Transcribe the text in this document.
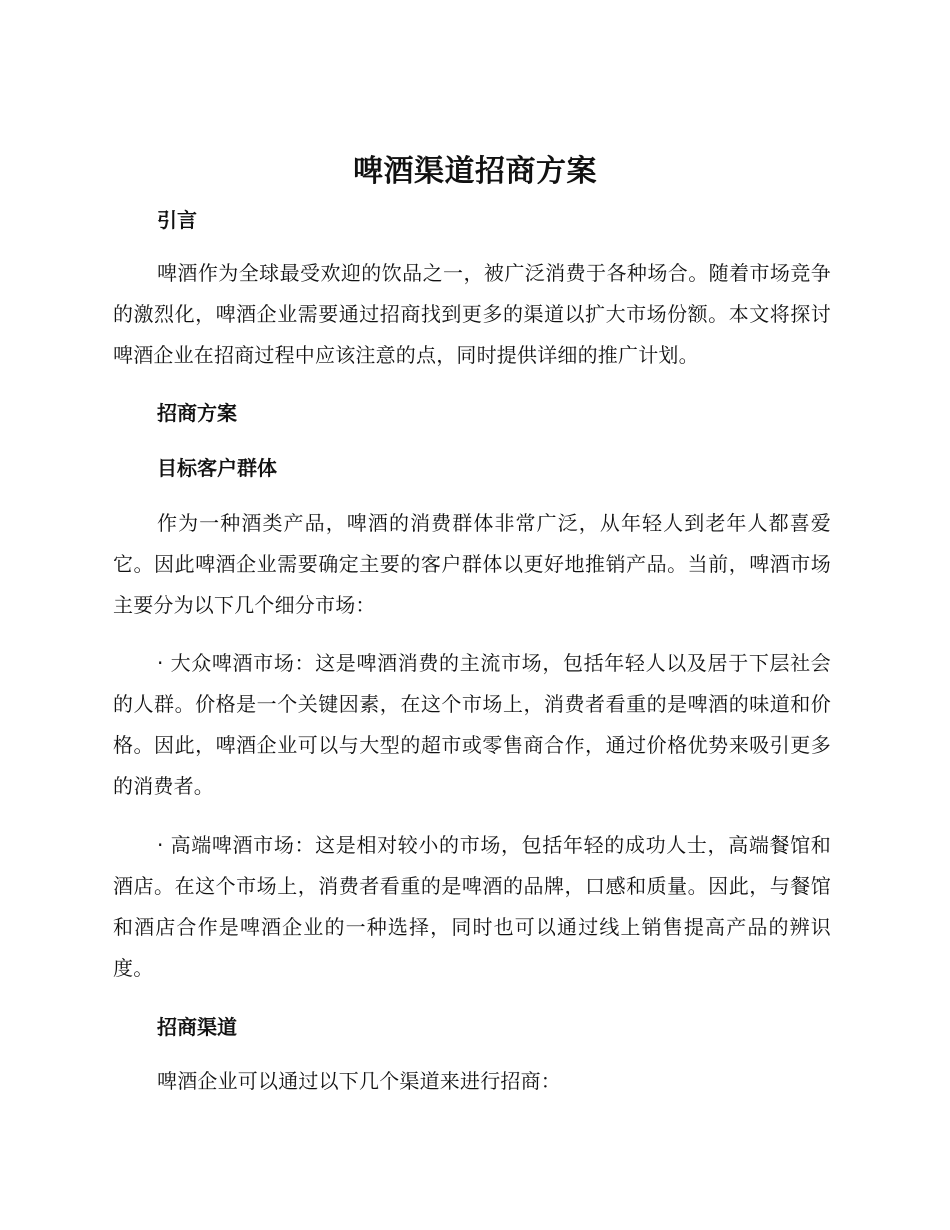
啤酒渠道招商方案
引言

啤酒作为全球最受欢迎的饮品之一，被广泛消费于各种场合。随着市场竞争的激烈化，啤酒企业需要通过招商找到更多的渠道以扩大市场份额。本文将探讨啤酒企业在招商过程中应该注意的点，同时提供详细的推广计划。

招商方案
目标客户群体

作为一种酒类产品，啤酒的消费群体非常广泛，从年轻人到老年人都喜爱它。因此啤酒企业需要确定主要的客户群体以更好地推销产品。当前，啤酒市场主要分为以下几个细分市场：

· 大众啤酒市场：这是啤酒消费的主流市场，包括年轻人以及居于下层社会的人群。价格是一个关键因素，在这个市场上，消费者看重的是啤酒的味道和价格。因此，啤酒企业可以与大型的超市或零售商合作，通过价格优势来吸引更多的消费者。

· 高端啤酒市场：这是相对较小的市场，包括年轻的成功人士，高端餐馆和酒店。在这个市场上，消费者看重的是啤酒的品牌，口感和质量。因此，与餐馆和酒店合作是啤酒企业的一种选择，同时也可以通过线上销售提高产品的辨识度。

招商渠道

啤酒企业可以通过以下几个渠道来进行招商：
